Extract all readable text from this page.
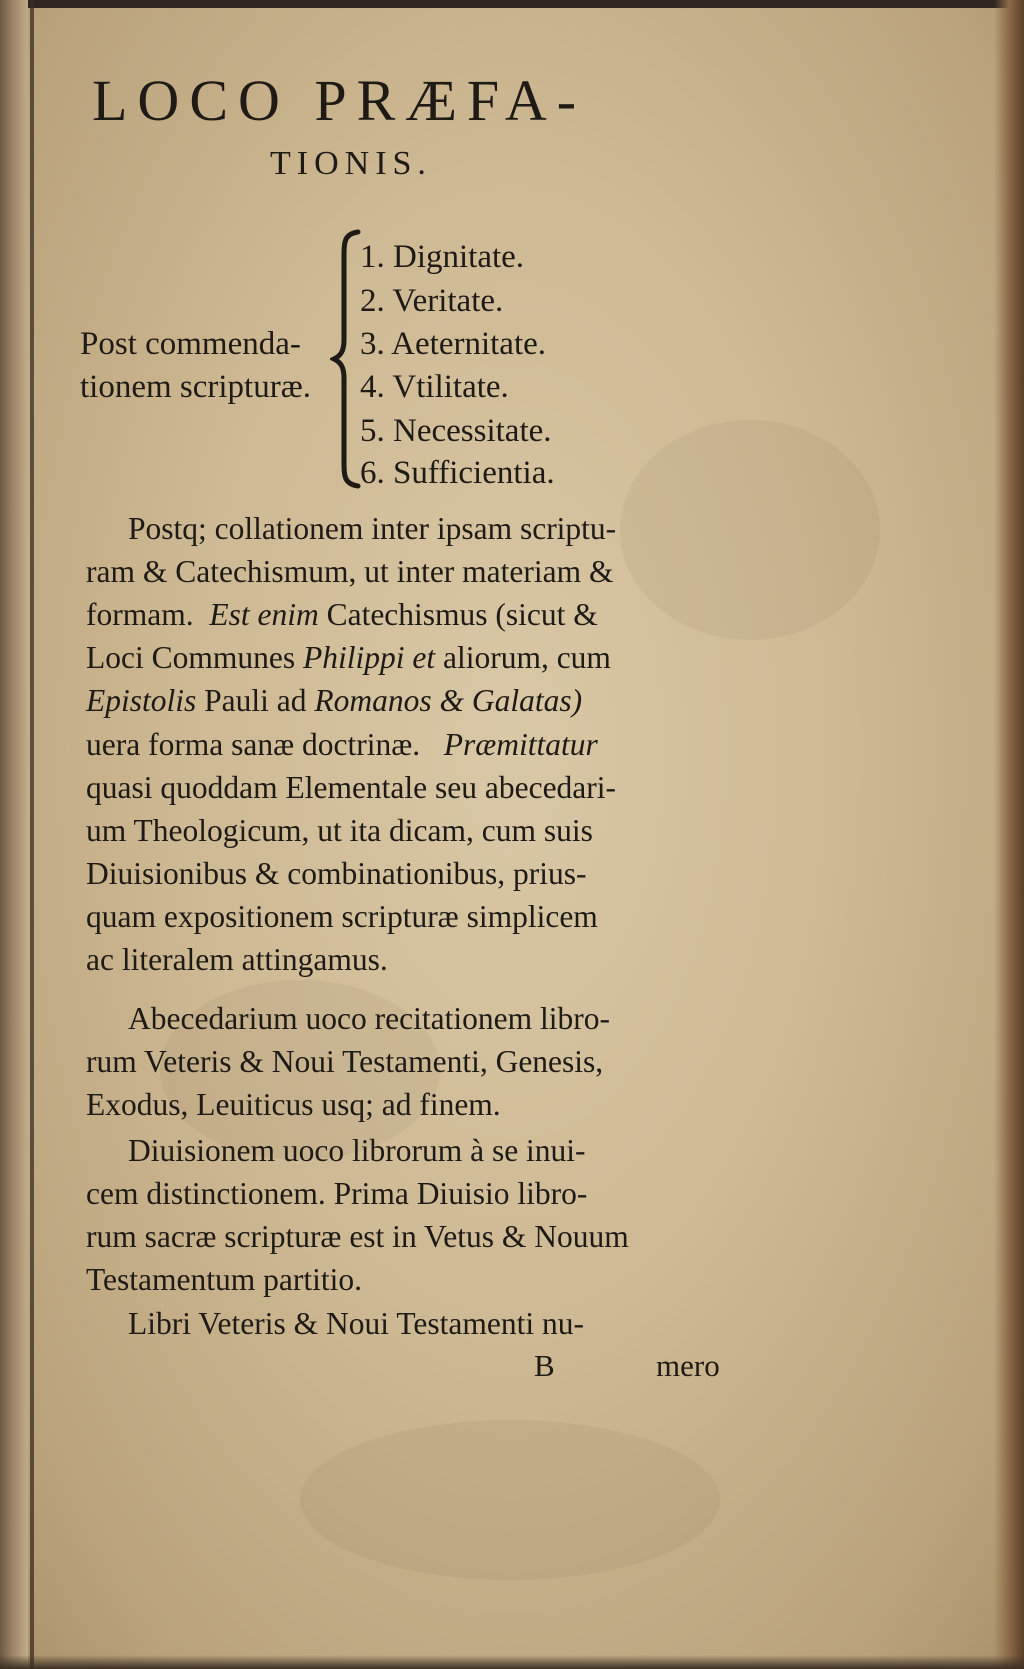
LOCO PRÆFA-
TIONIS.
Post commenda-
tionem scripturæ.
1. Dignitate.
2. Veritate.
3. Aeternitate.
4. Vtilitate.
5. Necessitate.
6. Sufficientia.
Postq; collationem inter ipsam scriptu-
ram & Catechismum, ut inter materiam &
formam. Est enim Catechismus (sicut &
Loci Communes Philippi et aliorum, cum
Epistolis Pauli ad Romanos & Galatas)
uera forma sanæ doctrinæ. Præmittatur
quasi quoddam Elementale seu abecedari-
um Theologicum, ut ita dicam, cum suis
Diuisionibus & combinationibus, prius-
quam expositionem scripturæ simplicem
ac literalem attingamus.
Abecedarium uoco recitationem libro-
rum Veteris & Noui Testamenti, Genesis,
Exodus, Leuiticus usq; ad finem.
Diuisionem uoco librorum à se inui-
cem distinctionem. Prima Diuisio libro-
rum sacræ scripturæ est in Vetus & Nouum
Testamentum partitio.
Libri Veteris & Noui Testamenti nu-
B	mero
